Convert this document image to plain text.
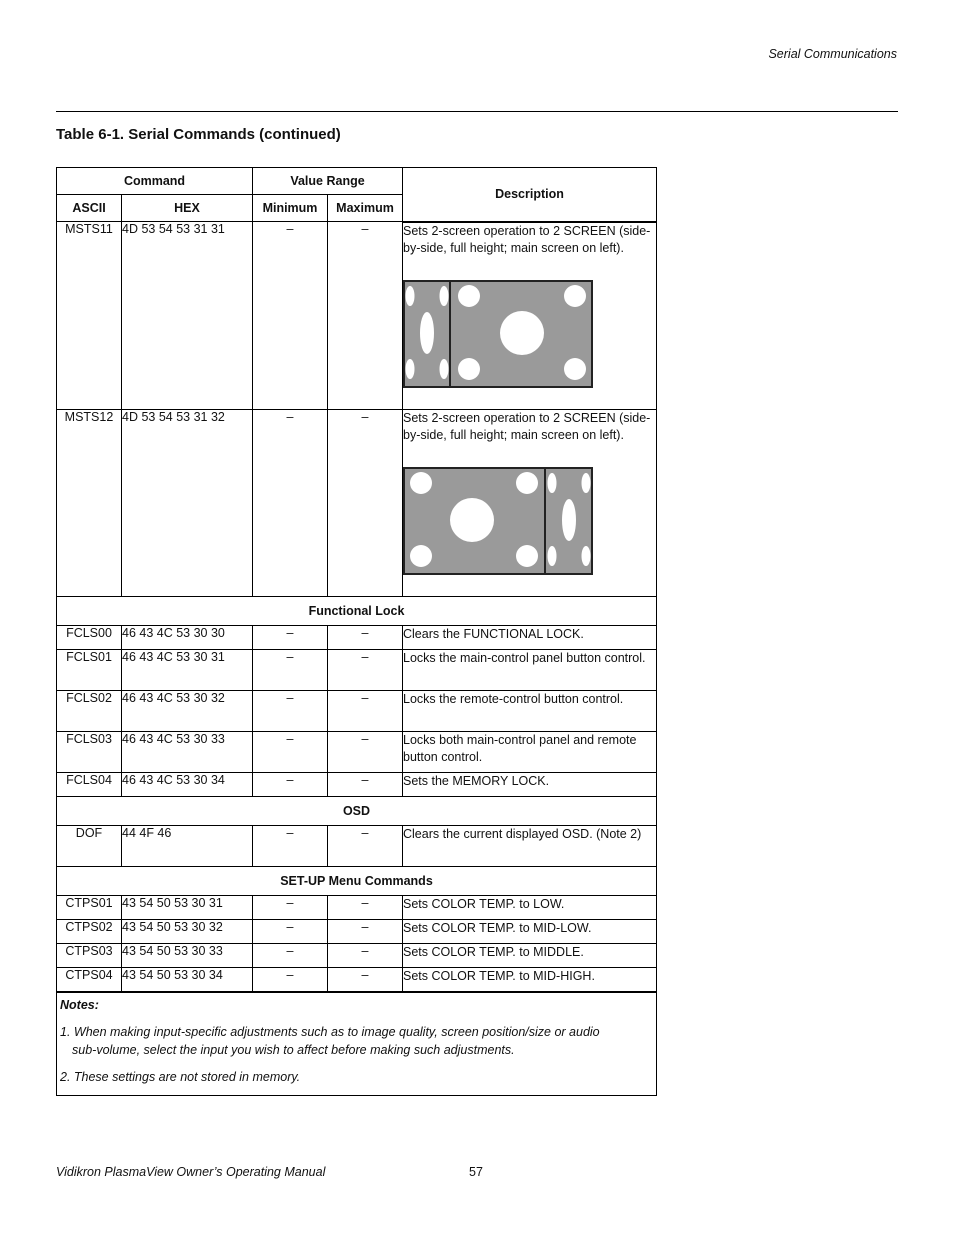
Serial Communications
Table 6-1. Serial Commands (continued)
Command		Value Range		Description
ASCII	HEX	Minimum	Maximum	
MSTS11	4D 53 54 53 31 31	–	–	Sets 2-screen operation to 2 SCREEN (side-by-side, full height; main screen on left).

MSTS12	4D 53 54 53 31 32	–	–	Sets 2-screen operation to 2 SCREEN (side-by-side, full height; main screen on left).

Functional Lock				
FCLS00	46 43 4C 53 30 30	–	–	Clears the FUNCTIONAL LOCK.
FCLS01	46 43 4C 53 30 31	–	–	Locks the main-control panel button control.
FCLS02	46 43 4C 53 30 32	–	–	Locks the remote-control button control.
FCLS03	46 43 4C 53 30 33	–	–	Locks both main-control panel and remote button control.
FCLS04	46 43 4C 53 30 34	–	–	Sets the MEMORY LOCK.
OSD				
DOF	44 4F 46	–	–	Clears the current displayed OSD. (Note 2)
SET-UP Menu Commands				
CTPS01	43 54 50 53 30 31	–	–	Sets COLOR TEMP. to LOW.
CTPS02	43 54 50 53 30 32	–	–	Sets COLOR TEMP. to MID-LOW.
CTPS03	43 54 50 53 30 33	–	–	Sets COLOR TEMP. to MIDDLE.
CTPS04	43 54 50 53 30 34	–	–	Sets COLOR TEMP. to MID-HIGH.

Notes:
1. When making input-specific adjustments such as to image quality, screen position/size or audio
sub-volume, select the input you wish to affect before making such adjustments.
2. These settings are not stored in memory.				
Vidikron PlasmaView Owner’s Operating Manual	57
